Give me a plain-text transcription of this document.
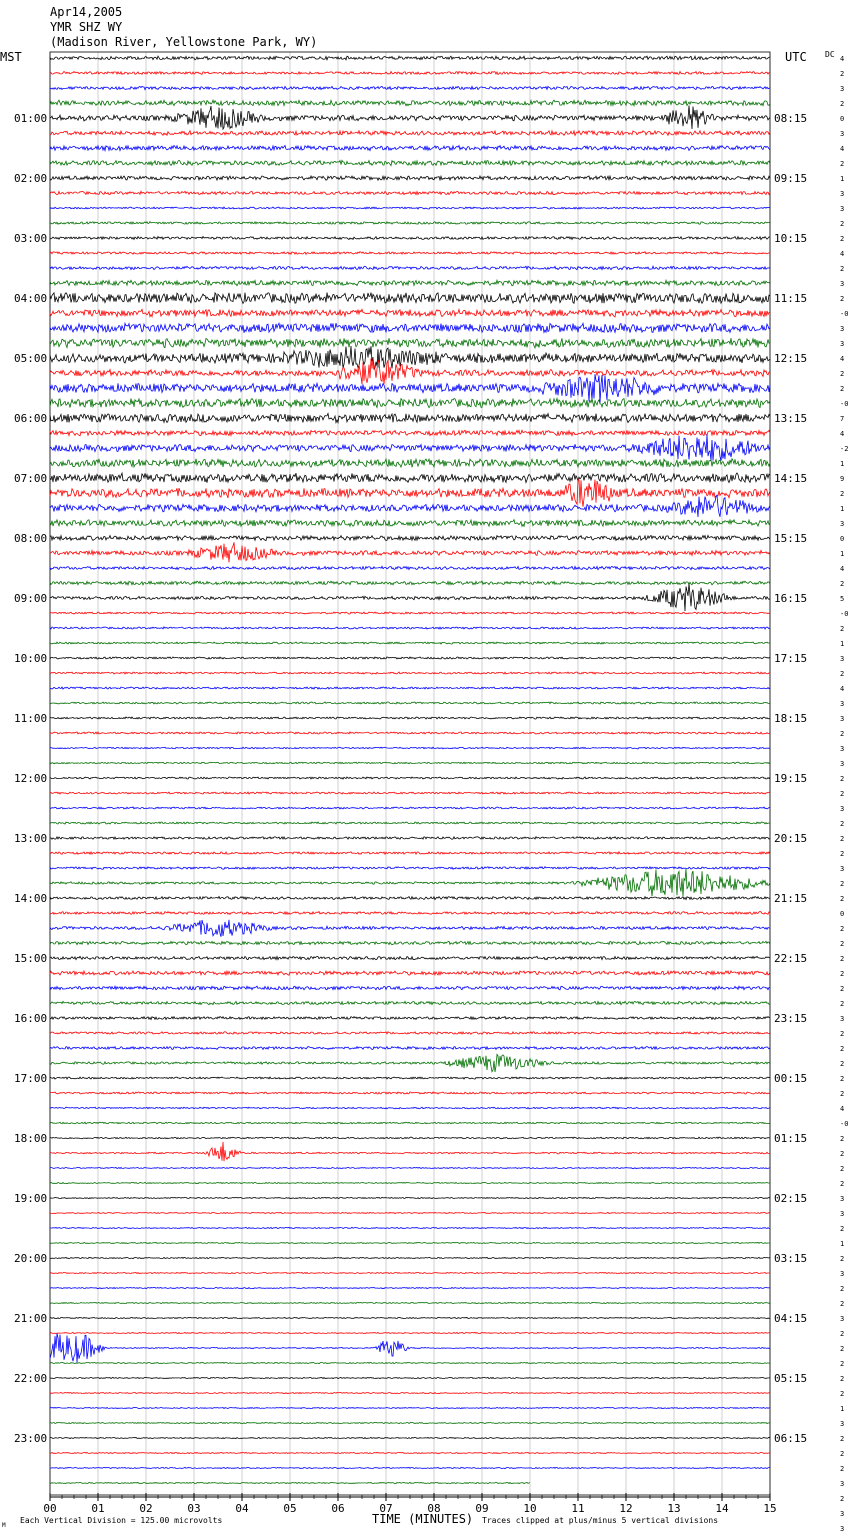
Apr14,2005
YMR SHZ WY
(Madison River, Yellowstone Park, WY)
MST	UTC DC
01:00
02:00
03:00
04:00
05:00
06:00
07:00
08:00
09:00
10:00
11:00
12:00
13:00
14:00
15:00
16:00
17:00
18:00
19:00
20:00
21:00
22:00
23:00
08:15
09:15
10:15
11:15
12:15
13:15
14:15
15:15
16:15
17:15
18:15
19:15
20:15
21:15
22:15
23:15
00:15
01:15
02:15
03:15
04:15
05:15
06:15
4
2
3
2
0
3
4
2
1
3
3
2
2
4
2
3
2
-0
3
3
4
2
2
-0
7
4
-2
1
9
2
1
3
0
1
4
2
5
-0
2
1
3
2
4
3
3
2
3
3
2
2
3
2
2
2
3
2
2
0
2
2
2
2
2
2
3
2
2
2
2
2
4
-0
2
2
2
2
3
3
2
1
2
3
2
2
3
2
2
2
2
2
1
3
2
2
2
3
2
3
3
00	01	02	03	04	05	06	07	08	09	10	11	12	13	14	15
TIME (MINUTES)
Each Vertical Division = 125.00 microvolts	Traces clipped at plus/minus 5 vertical divisions
M
